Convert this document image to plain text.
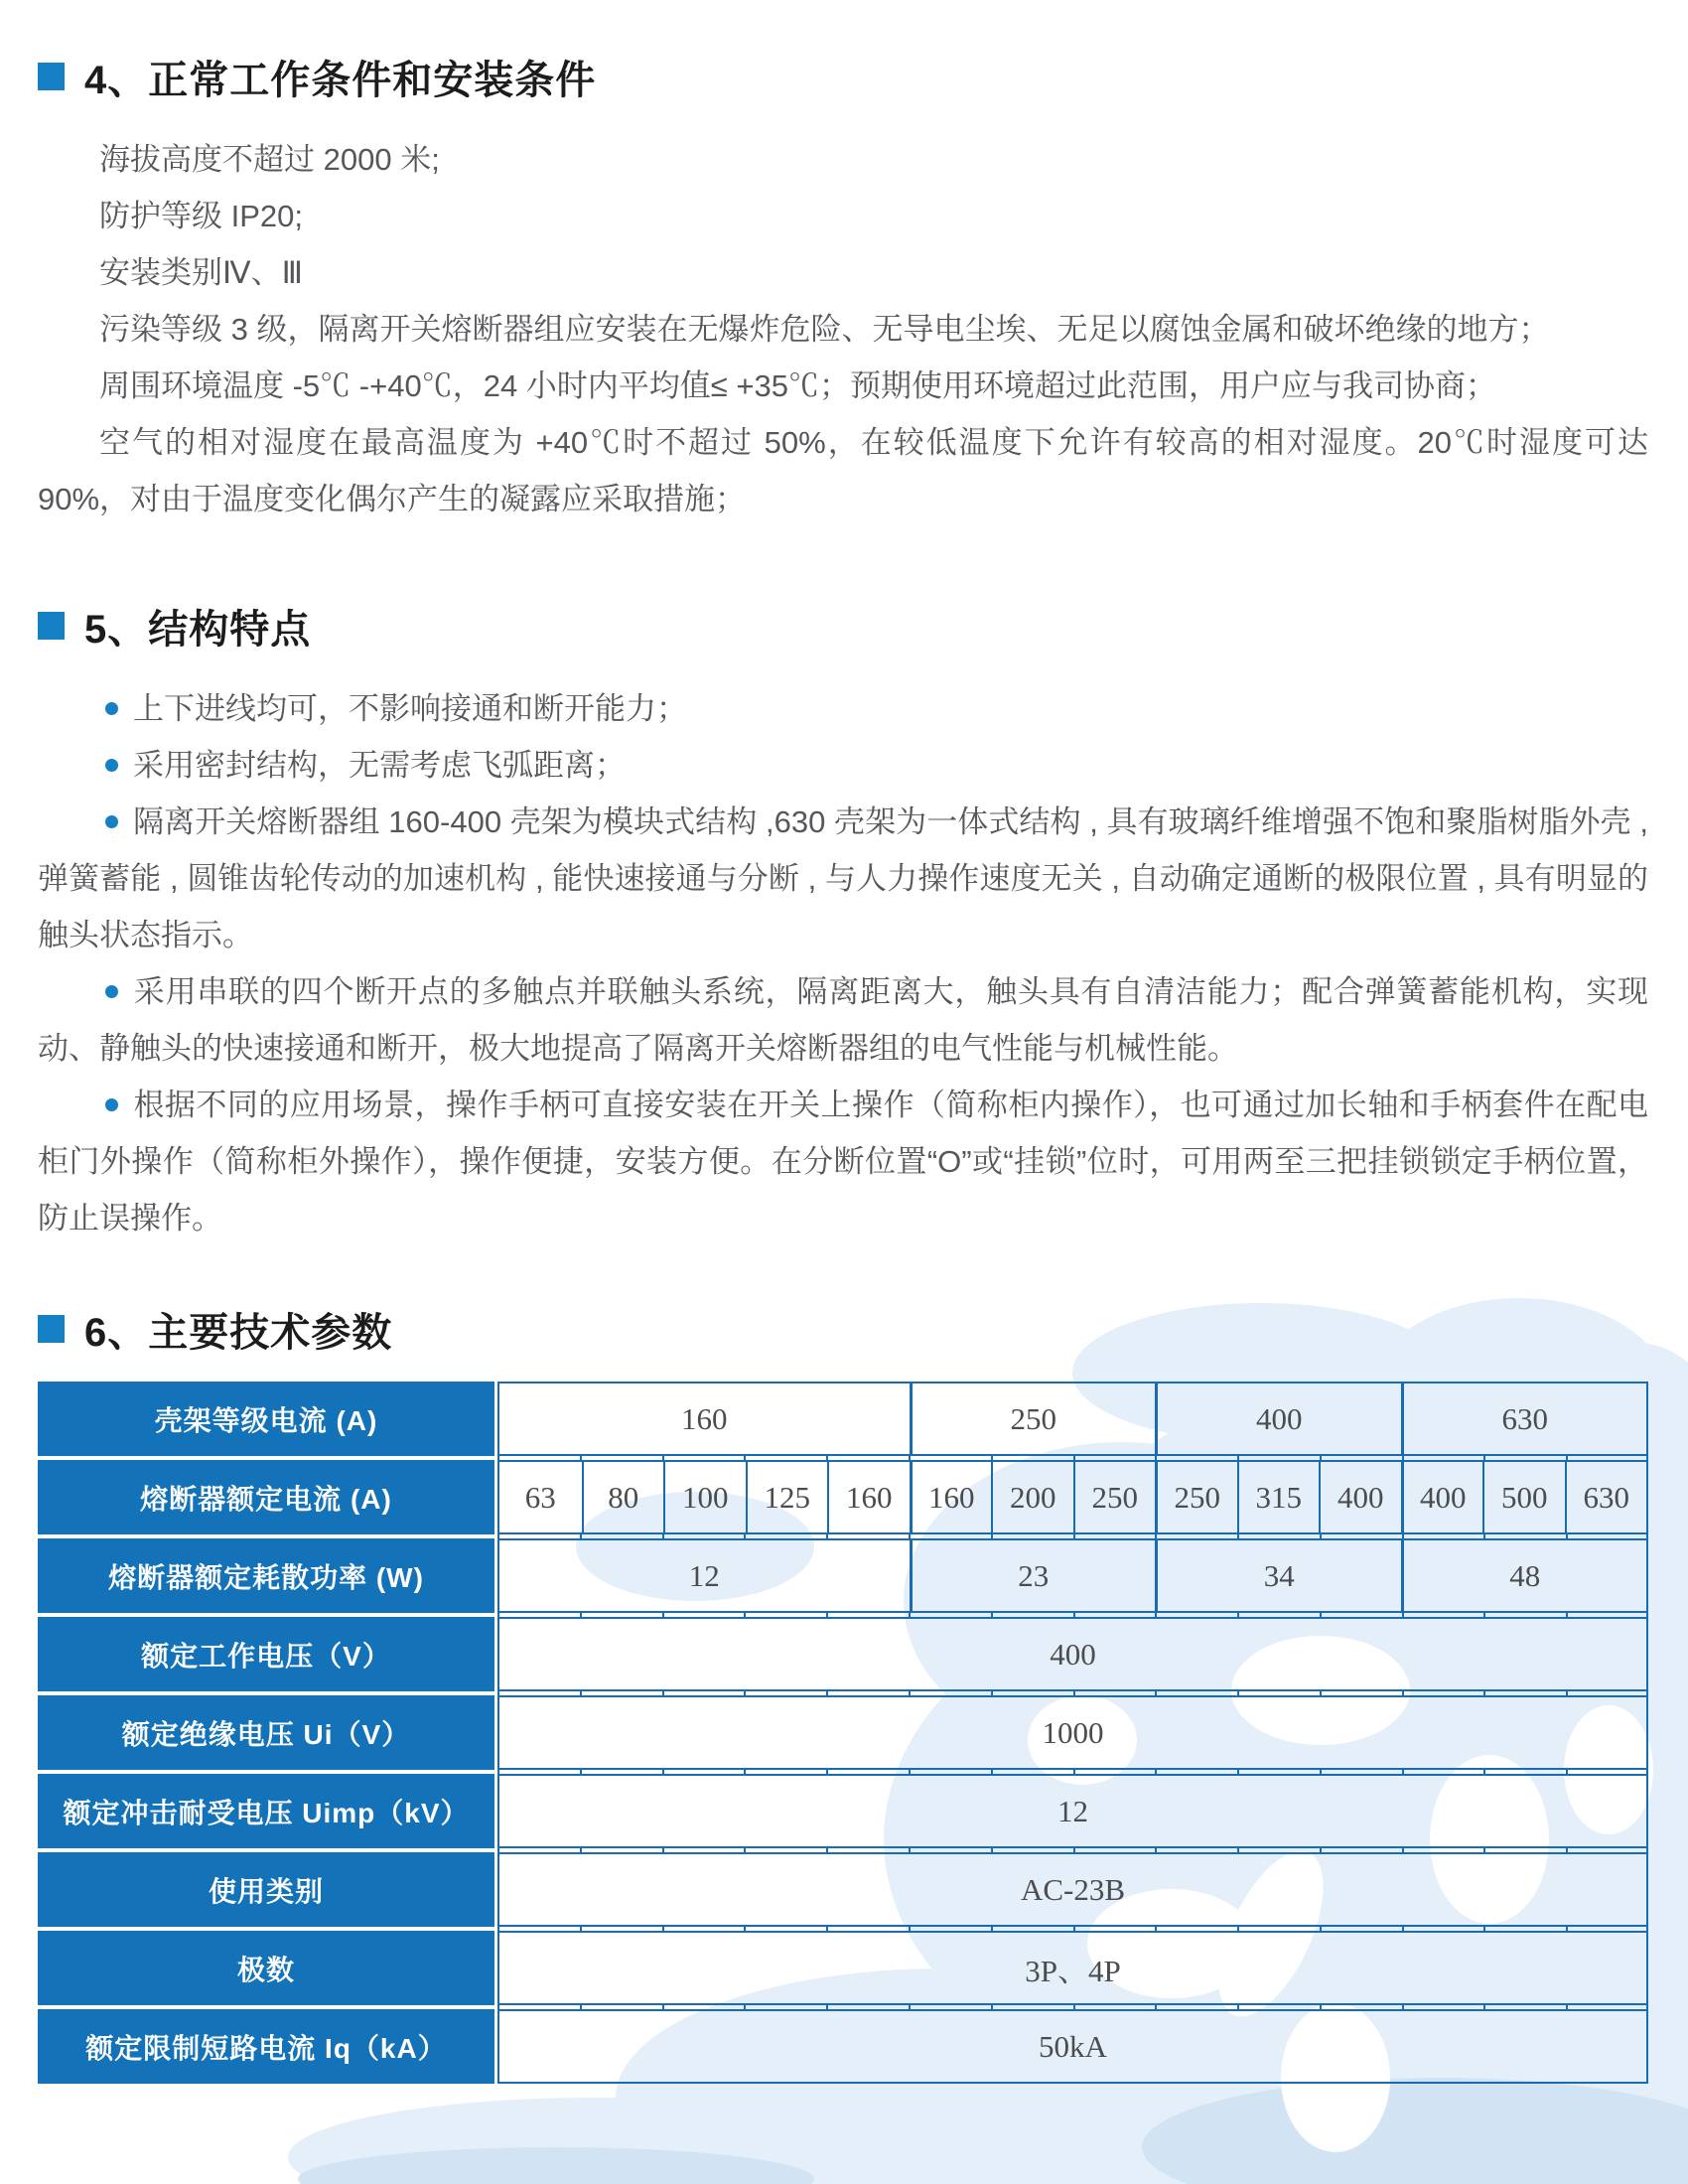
4、正常工作条件和安装条件

海拔高度不超过 2000 米;

防护等级 IP20;

安装类别Ⅳ、Ⅲ

污染等级 3 级，隔离开关熔断器组应安装在无爆炸危险、无导电尘埃、无足以腐蚀金属和破坏绝缘的地方；

周围环境温度 -5℃ -+40℃，24 小时内平均值≤ +35℃；预期使用环境超过此范围，用户应与我司协商；

空气的相对湿度在最高温度为 +40℃时不超过 50%，在较低温度下允许有较高的相对湿度。20℃时湿度可达 90%，对由于温度变化偶尔产生的凝露应采取措施；

5、结构特点

上下进线均可，不影响接通和断开能力；

采用密封结构，无需考虑飞弧距离；

隔离开关熔断器组 160-400 壳架为模块式结构 ,630 壳架为一体式结构 , 具有玻璃纤维增强不饱和聚脂树脂外壳 , 弹簧蓄能 , 圆锥齿轮传动的加速机构 , 能快速接通与分断 , 与人力操作速度无关 , 自动确定通断的极限位置 , 具有明显的触头状态指示。

采用串联的四个断开点的多触点并联触头系统，隔离距离大，触头具有自清洁能力；配合弹簧蓄能机构，实现动、静触头的快速接通和断开，极大地提高了隔离开关熔断器组的电气性能与机械性能。

根据不同的应用场景，操作手柄可直接安装在开关上操作（简称柜内操作），也可通过加长轴和手柄套件在配电柜门外操作（简称柜外操作），操作便捷，安装方便。在分断位置“O”或“挂锁”位时，可用两至三把挂锁锁定手柄位置，防止误操作。

6、主要技术参数
壳架等级电流 (A)	160	250	400	630
熔断器额定电流 (A)	63	80	100	125	160	160	200	250	250	315	400	400	500	630
熔断器额定耗散功率 (W)	12	23	34	48
额定工作电压（V）	400
额定绝缘电压 Ui（V）	1000
额定冲击耐受电压 Uimp（kV）	12
使用类别	AC-23B
极数	3P、4P
额定限制短路电流 Iq（kA）	50kA
